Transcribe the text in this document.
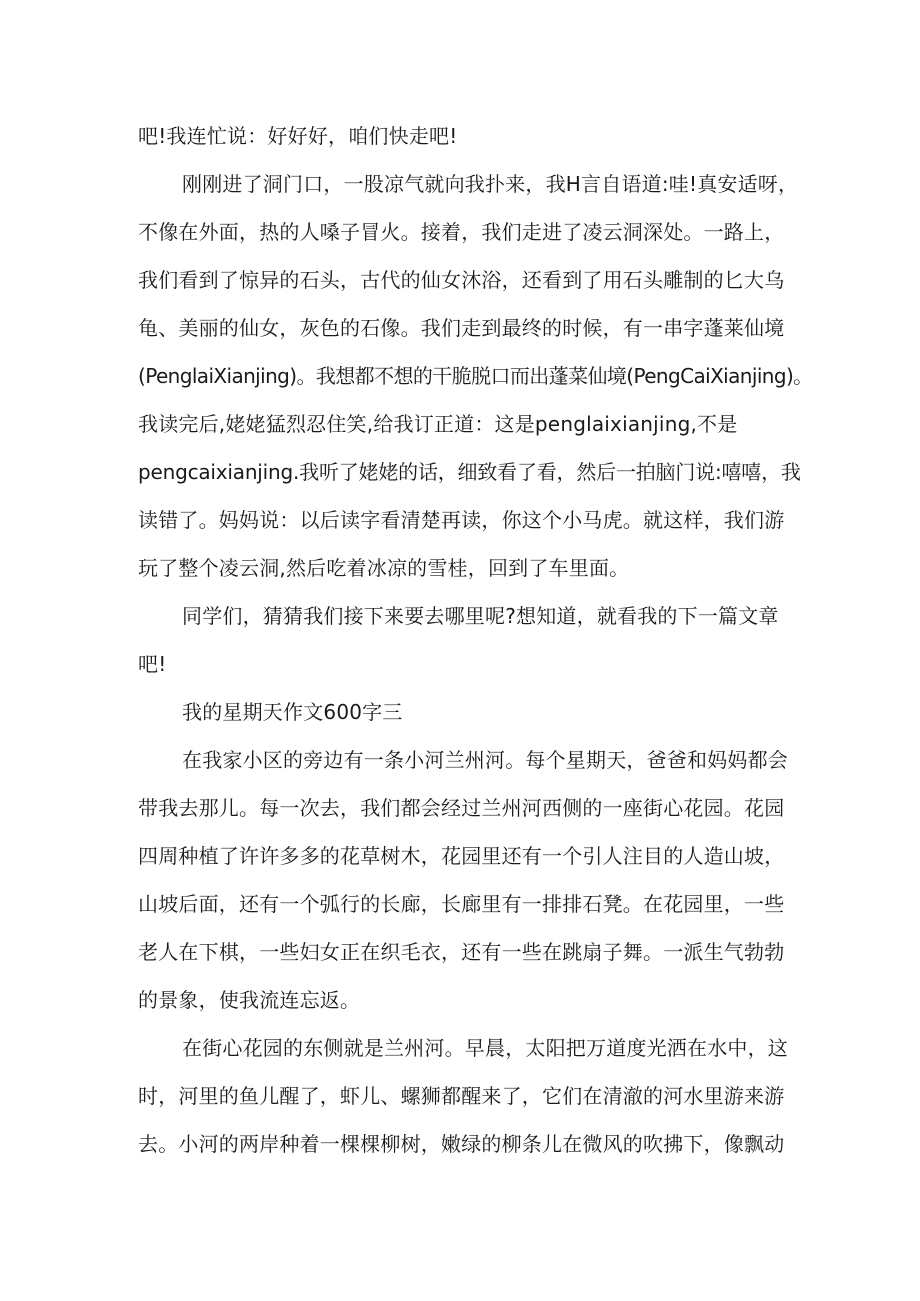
吧!我连忙说：好好好，咱们快走吧!
刚刚进了洞门口，一股凉气就向我扑来，我H言自语道:哇!真安适呀，
不像在外面，热的人嗓子冒火。接着，我们走进了凌云洞深处。一路上，
我们看到了惊异的石头，古代的仙女沐浴，还看到了用石头雕制的匕大乌
龟、美丽的仙女，灰色的石像。我们走到最终的时候，有一串字蓬莱仙境
(PenglaiXianjing)。我想都不想的干脆脱口而出蓬菜仙境(PengCaiXianjing)。
我读完后,姥姥猛烈忍住笑,给我订正道：这是penglaixianjing,不是
pengcaixianjing.我听了姥姥的话，细致看了看，然后一拍脑门说:嘻嘻，我
读错了。妈妈说：以后读字看清楚再读，你这个小马虎。就这样，我们游
玩了整个凌云洞,然后吃着冰凉的雪桂，回到了车里面。
同学们，猜猜我们接下来要去哪里呢?想知道，就看我的下一篇文章
吧!
我的星期天作文600字三
在我家小区的旁边有一条小河兰州河。每个星期天，爸爸和妈妈都会
带我去那儿。每一次去，我们都会经过兰州河西侧的一座街心花园。花园
四周种植了许许多多的花草树木，花园里还有一个引人注目的人造山坡，
山坡后面，还有一个弧行的长廊，长廊里有一排排石凳。在花园里，一些
老人在下棋，一些妇女正在织毛衣，还有一些在跳扇子舞。一派生气勃勃
的景象，使我流连忘返。
在街心花园的东侧就是兰州河。早晨，太阳把万道度光洒在水中，这
时，河里的鱼儿醒了，虾儿、螺狮都醒来了，它们在清澈的河水里游来游
去。小河的两岸种着一棵棵柳树，嫩绿的柳条儿在微风的吹拂下，像飘动
